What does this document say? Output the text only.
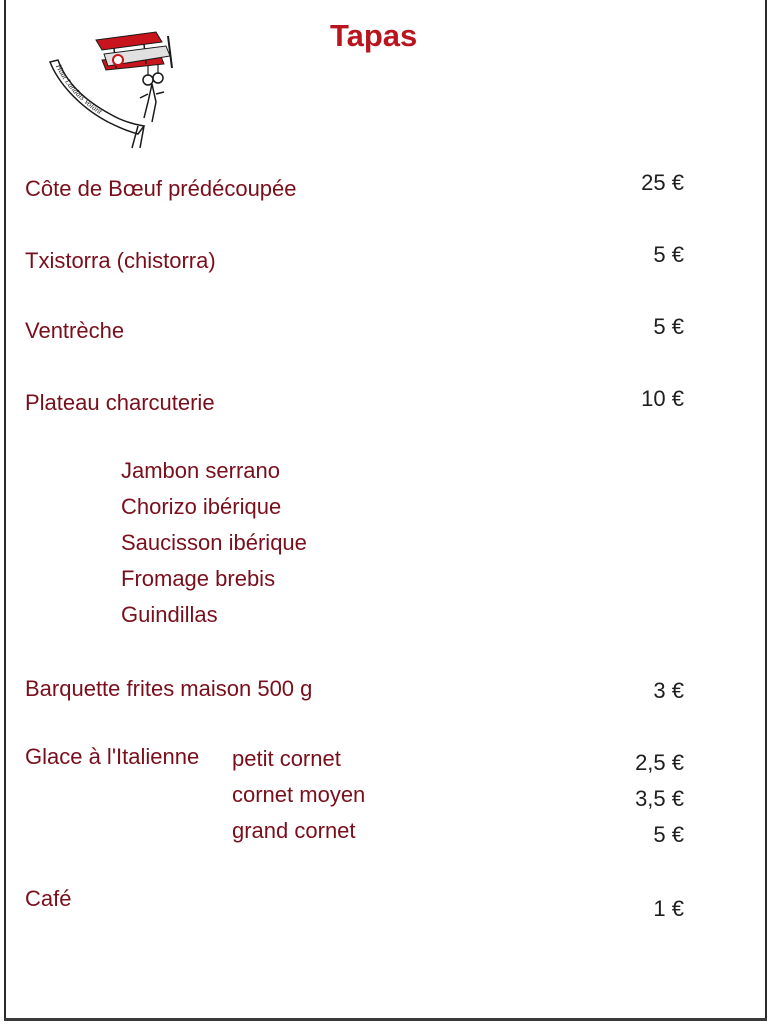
Tapas
Haut Landais Volant
Côte de Bœuf prédécoupée	25 €
Txistorra (chistorra)	5 €
Ventrèche	5 €
Plateau charcuterie	10 €
Jambon serrano
Chorizo ibérique
Saucisson ibérique
Fromage brebis
Guindillas
Barquette frites maison 500 g	3 €
Glace à l'Italienne petit cornet	2,5 €
cornet moyen	3,5 €
grand cornet	5 €
Café	1 €
